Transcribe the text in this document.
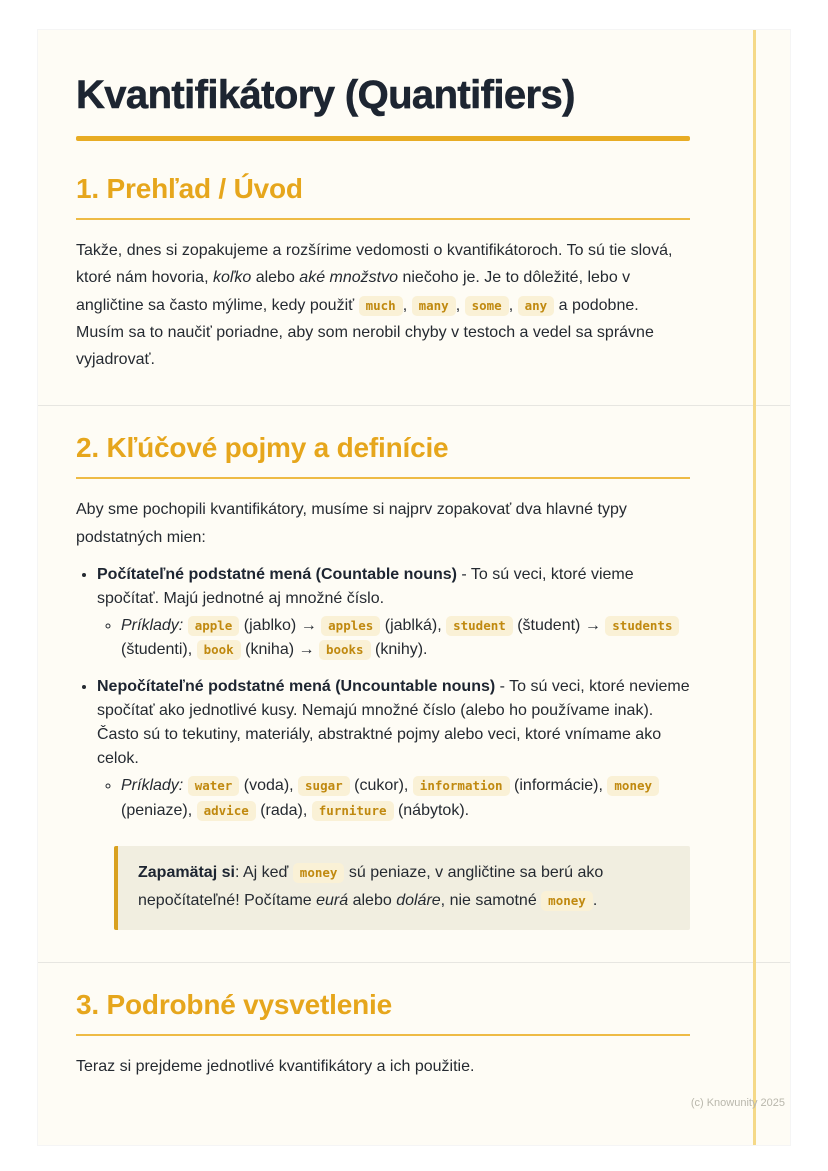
Kvantifikátory (Quantifiers)
1. Prehľad / Úvod

Takže, dnes si zopakujeme a rozšírime vedomosti o kvantifikátoroch. To sú tie slová, ktoré nám hovoria, koľko alebo aké množstvo niečoho je. Je to dôležité, lebo v angličtine sa často mýlime, kedy použiť much , many , some , any a podobne. Musím sa to naučiť poriadne, aby som nerobil chyby v testoch a vedel sa správne vyjadrovať.

2. Kľúčové pojmy a definície

Aby sme pochopili kvantifikátory, musíme si najprv zopakovať dva hlavné typy podstatných mien:

• Počítateľné podstatné mená (Countable nouns) - To sú veci, ktoré vieme spočítať. Majú jednotné aj množné číslo.
◦ Príklady: apple (jablko) → apples (jablká), student (študent) → students (študenti), book (kniha) → books (knihy).
• Nepočítateľné podstatné mená (Uncountable nouns) - To sú veci, ktoré nevieme spočítať ako jednotlivé kusy. Nemajú množné číslo (alebo ho používame inak). Často sú to tekutiny, materiály, abstraktné pojmy alebo veci, ktoré vnímame ako celok.
◦ Príklady: water (voda), sugar (cukor), information (informácie), money (peniaze), advice (rada), furniture (nábytok).

Zapamätaj si: Aj keď money sú peniaze, v angličtine sa berú ako nepočítateľné! Počítame eurá alebo doláre, nie samotné money .

3. Podrobné vysvetlenie

Teraz si prejdeme jednotlivé kvantifikátory a ich použitie.

(c) Knowunity 2025
